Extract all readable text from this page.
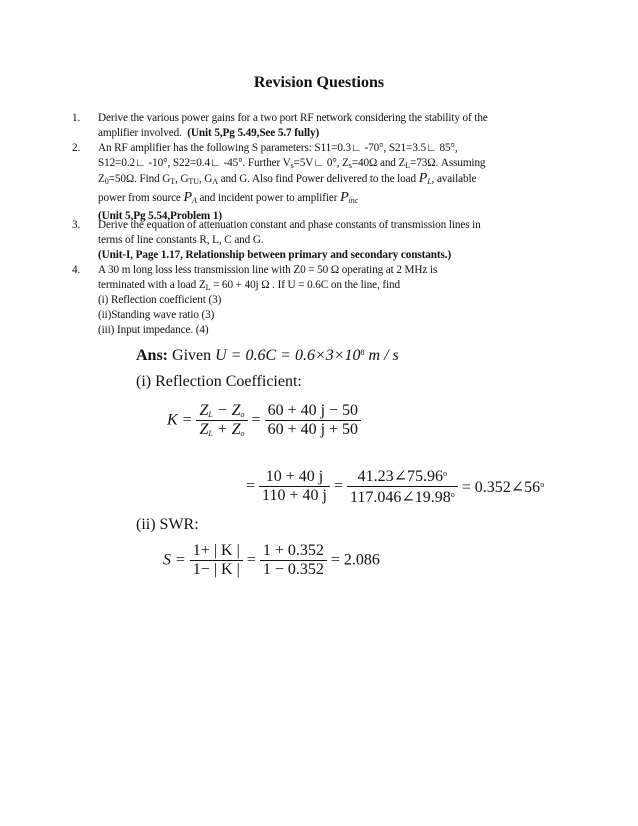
Revision Questions
1. Derive the various power gains for a two port RF network considering the stability of the
amplifier involved. (Unit 5,Pg 5.49,See 5.7 fully)
2. An RF amplifier has the following S parameters: S11=0.3∟ -70°, S21=3.5∟ 85°,
S12=0.2∟ -10°, S22=0.4∟ -45°. Further $V_s=5V∟$ 0°, $Z_s=40\Omega$ and $Z_L=73\Omega$. Assuming
$Z_0=50\Omega$. Find $G_T$, $G_{TU}$, $G_A$ and G. Also find Power delivered to the load $P_L$, available
power from source $P_A$ and incident power to amplifier $P_{inc}$
(Unit 5,Pg 5.54,Problem 1)
3. Derive the equation of attenuation constant and phase constants of transmission lines in
terms of line constants R, L, C and G.
(Unit-I, Page 1.17, Relationship between primary and secondary constants.)
4. A 30 m long loss less transmission line with Z0 = 50 Ω operating at 2 MHz is
terminated with a load $Z_L = 60 + 40j$ Ω . If U = 0.6C on the line, find
(i) Reflection coefficient (3)
(ii)Standing wave ratio (3)
(iii) Input impedance. (4)
Ans: Given $U = 0.6C = 0.6\times 3\times 10^8$ m / s
(i) Reflection Coefficient:
$K = \frac{Z_L - Z_o}{Z_L + Z_o} = \frac{60 + 40 j - 50}{60 + 40 j + 50}$
= $\frac{10 + 40 j}{110 + 40 j} = \frac{41.23\angle 75.96^o}{117.046\angle 19.98^o}$ = $0.352\angle 56^o$
(ii) SWR:
$S = \frac{1+ | K |}{1- | K |} = \frac{1 + 0.352}{1 - 0.352} = 2.086$
